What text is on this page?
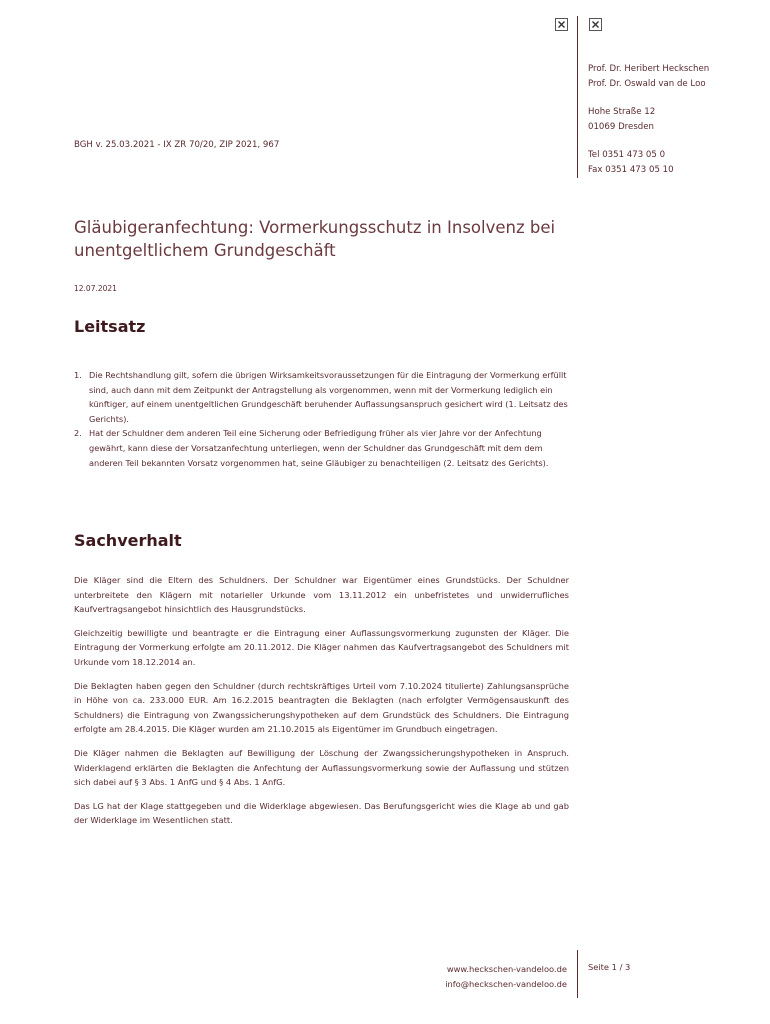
Prof. Dr. Heribert Heckschen
Prof. Dr. Oswald van de Loo
Hohe Straße 12
01069 Dresden
Tel 0351 473 05 0
Fax 0351 473 05 10
BGH v. 25.03.2021 - IX ZR 70/20, ZIP 2021, 967
Gläubigeranfechtung: Vormerkungsschutz in Insolvenz bei unentgeltlichem Grundgeschäft
12.07.2021
Leitsatz
1. Die Rechtshandlung gilt, sofern die übrigen Wirksamkeitsvoraussetzungen für die Eintragung der Vormerkung erfüllt sind, auch dann mit dem Zeitpunkt der Antragstellung als vorgenommen, wenn mit der Vormerkung lediglich ein künftiger, auf einem unentgeltlichen Grundgeschäft beruhender Auflassungsanspruch gesichert wird (1. Leitsatz des Gerichts).
2. Hat der Schuldner dem anderen Teil eine Sicherung oder Befriedigung früher als vier Jahre vor der Anfechtung gewährt, kann diese der Vorsatzanfechtung unterliegen, wenn der Schuldner das Grundgeschäft mit dem dem anderen Teil bekannten Vorsatz vorgenommen hat, seine Gläubiger zu benachteiligen (2. Leitsatz des Gerichts).
Sachverhalt

Die Kläger sind die Eltern des Schuldners. Der Schuldner war Eigentümer eines Grundstücks. Der Schuldner unterbreitete den Klägern mit notarieller Urkunde vom 13.11.2012 ein unbefristetes und unwiderrufliches Kaufvertragsangebot hinsichtlich des Hausgrundstücks.

Gleichzeitig bewilligte und beantragte er die Eintragung einer Auflassungsvormerkung zugunsten der Kläger. Die Eintragung der Vormerkung erfolgte am 20.11.2012. Die Kläger nahmen das Kaufvertragsangebot des Schuldners mit Urkunde vom 18.12.2014 an.

Die Beklagten haben gegen den Schuldner (durch rechtskräftiges Urteil vom 7.10.2024 titulierte) Zahlungsansprüche in Höhe von ca. 233.000 EUR. Am 16.2.2015 beantragten die Beklagten (nach erfolgter Vermögensauskunft des Schuldners) die Eintragung von Zwangssicherungshypotheken auf dem Grundstück des Schuldners. Die Eintragung erfolgte am 28.4.2015. Die Kläger wurden am 21.10.2015 als Eigentümer im Grundbuch eingetragen.

Die Kläger nahmen die Beklagten auf Bewilligung der Löschung der Zwangssicherungshypotheken in Anspruch. Widerklagend erklärten die Beklagten die Anfechtung der Auflassungsvormerkung sowie der Auflassung und stützen sich dabei auf § 3 Abs. 1 AnfG und § 4 Abs. 1 AnfG.

Das LG hat der Klage stattgegeben und die Widerklage abgewiesen. Das Berufungsgericht wies die Klage ab und gab der Widerklage im Wesentlichen statt.

www.heckschen-vandeloo.de
info@heckschen-vandeloo.de
Seite 1 / 3
